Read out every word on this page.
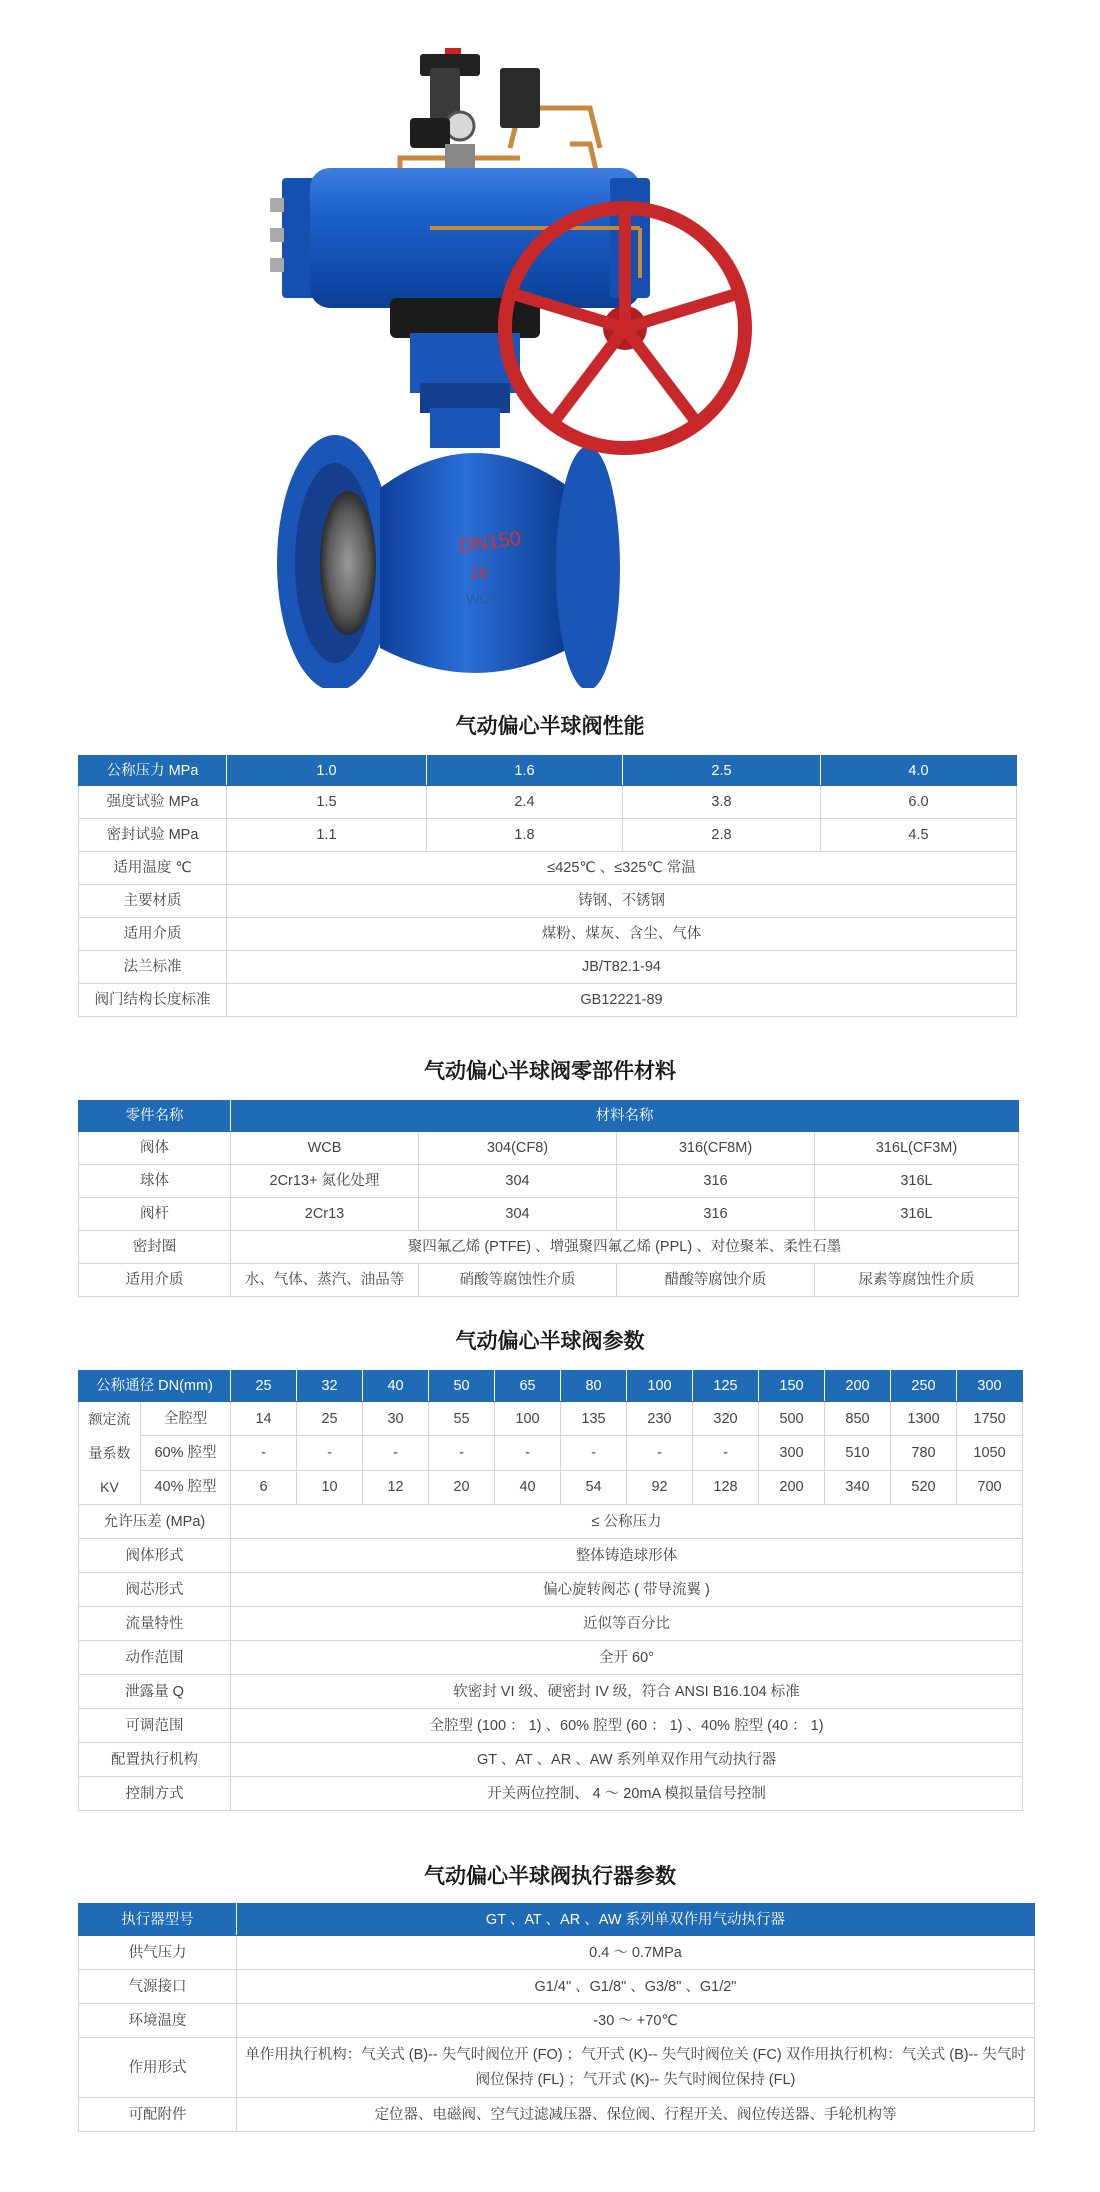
DN150
16
WCB
气动偏心半球阀性能
公称压力 MPa	1.0	1.6	2.5	4.0
强度试验 MPa	1.5	2.4	3.8	6.0
密封试验 MPa	1.1	1.8	2.8	4.5
适用温度 ℃	≤425℃ 、≤325℃ 常温			
主要材质	铸钢、不锈钢			
适用介质	煤粉、煤灰、含尘、气体			
法兰标准	JB/T82.1-94			
阀门结构长度标准	GB12221-89			
气动偏心半球阀零部件材料
零件名称	材料名称			
阀体	WCB	304(CF8)	316(CF8M)	316L(CF3M)
球体	2Cr13+ 氮化处理	304	316	316L
阀杆	2Cr13	304	316	316L
密封圈	聚四氟乙烯 (PTFE) 、增强聚四氟乙烯 (PPL) 、对位聚苯、柔性石墨			
适用介质	水、气体、蒸汽、油品等	硝酸等腐蚀性介质	醋酸等腐蚀介质	尿素等腐蚀性介质
气动偏心半球阀参数
公称通径 DN(mm)		25	32	40	50	65	80	100	125	150	200	250	300
额定流量系数 KV	全腔型	14	25	30	55	100	135	230	320	500	850	1300	1750
	60% 腔型	-	-	-	-	-	-	-	-	300	510	780	1050
	40% 腔型	6	10	12	20	40	54	92	128	200	340	520	700
允许压差 (MPa)		≤ 公称压力											
阀体形式		整体铸造球形体											
阀芯形式		偏心旋转阀芯 ( 带导流翼 )											
流量特性		近似等百分比											
动作范围		全开 60°											
泄露量 Q		软密封 VI 级、硬密封 IV 级，符合 ANSI B16.104 标准											
可调范围		全腔型 (100 ： 1) 、60% 腔型 (60 ： 1) 、40% 腔型 (40 ： 1)											
配置执行机构		GT 、AT 、AR 、AW 系列单双作用气动执行器											
控制方式		开关两位控制、 4 ～ 20mA 模拟量信号控制											
气动偏心半球阀执行器参数
执行器型号	GT 、AT 、AR 、AW 系列单双作用气动执行器
供气压力	0.4 ～ 0.7MPa
气源接口	G1/4" 、G1/8" 、G3/8" 、G1/2"
环境温度	-30 ～ +70℃
作用形式	单作用执行机构：气关式 (B)-- 失气时阀位开 (FO) ；气开式 (K)-- 失气时阀位关 (FC) 双作用执行机构：气关式 (B)-- 失气时阀位保持 (FL) ；气开式 (K)-- 失气时阀位保持 (FL)
可配附件	定位器、电磁阀、空气过滤减压器、保位阀、行程开关、阀位传送器、手轮机构等
